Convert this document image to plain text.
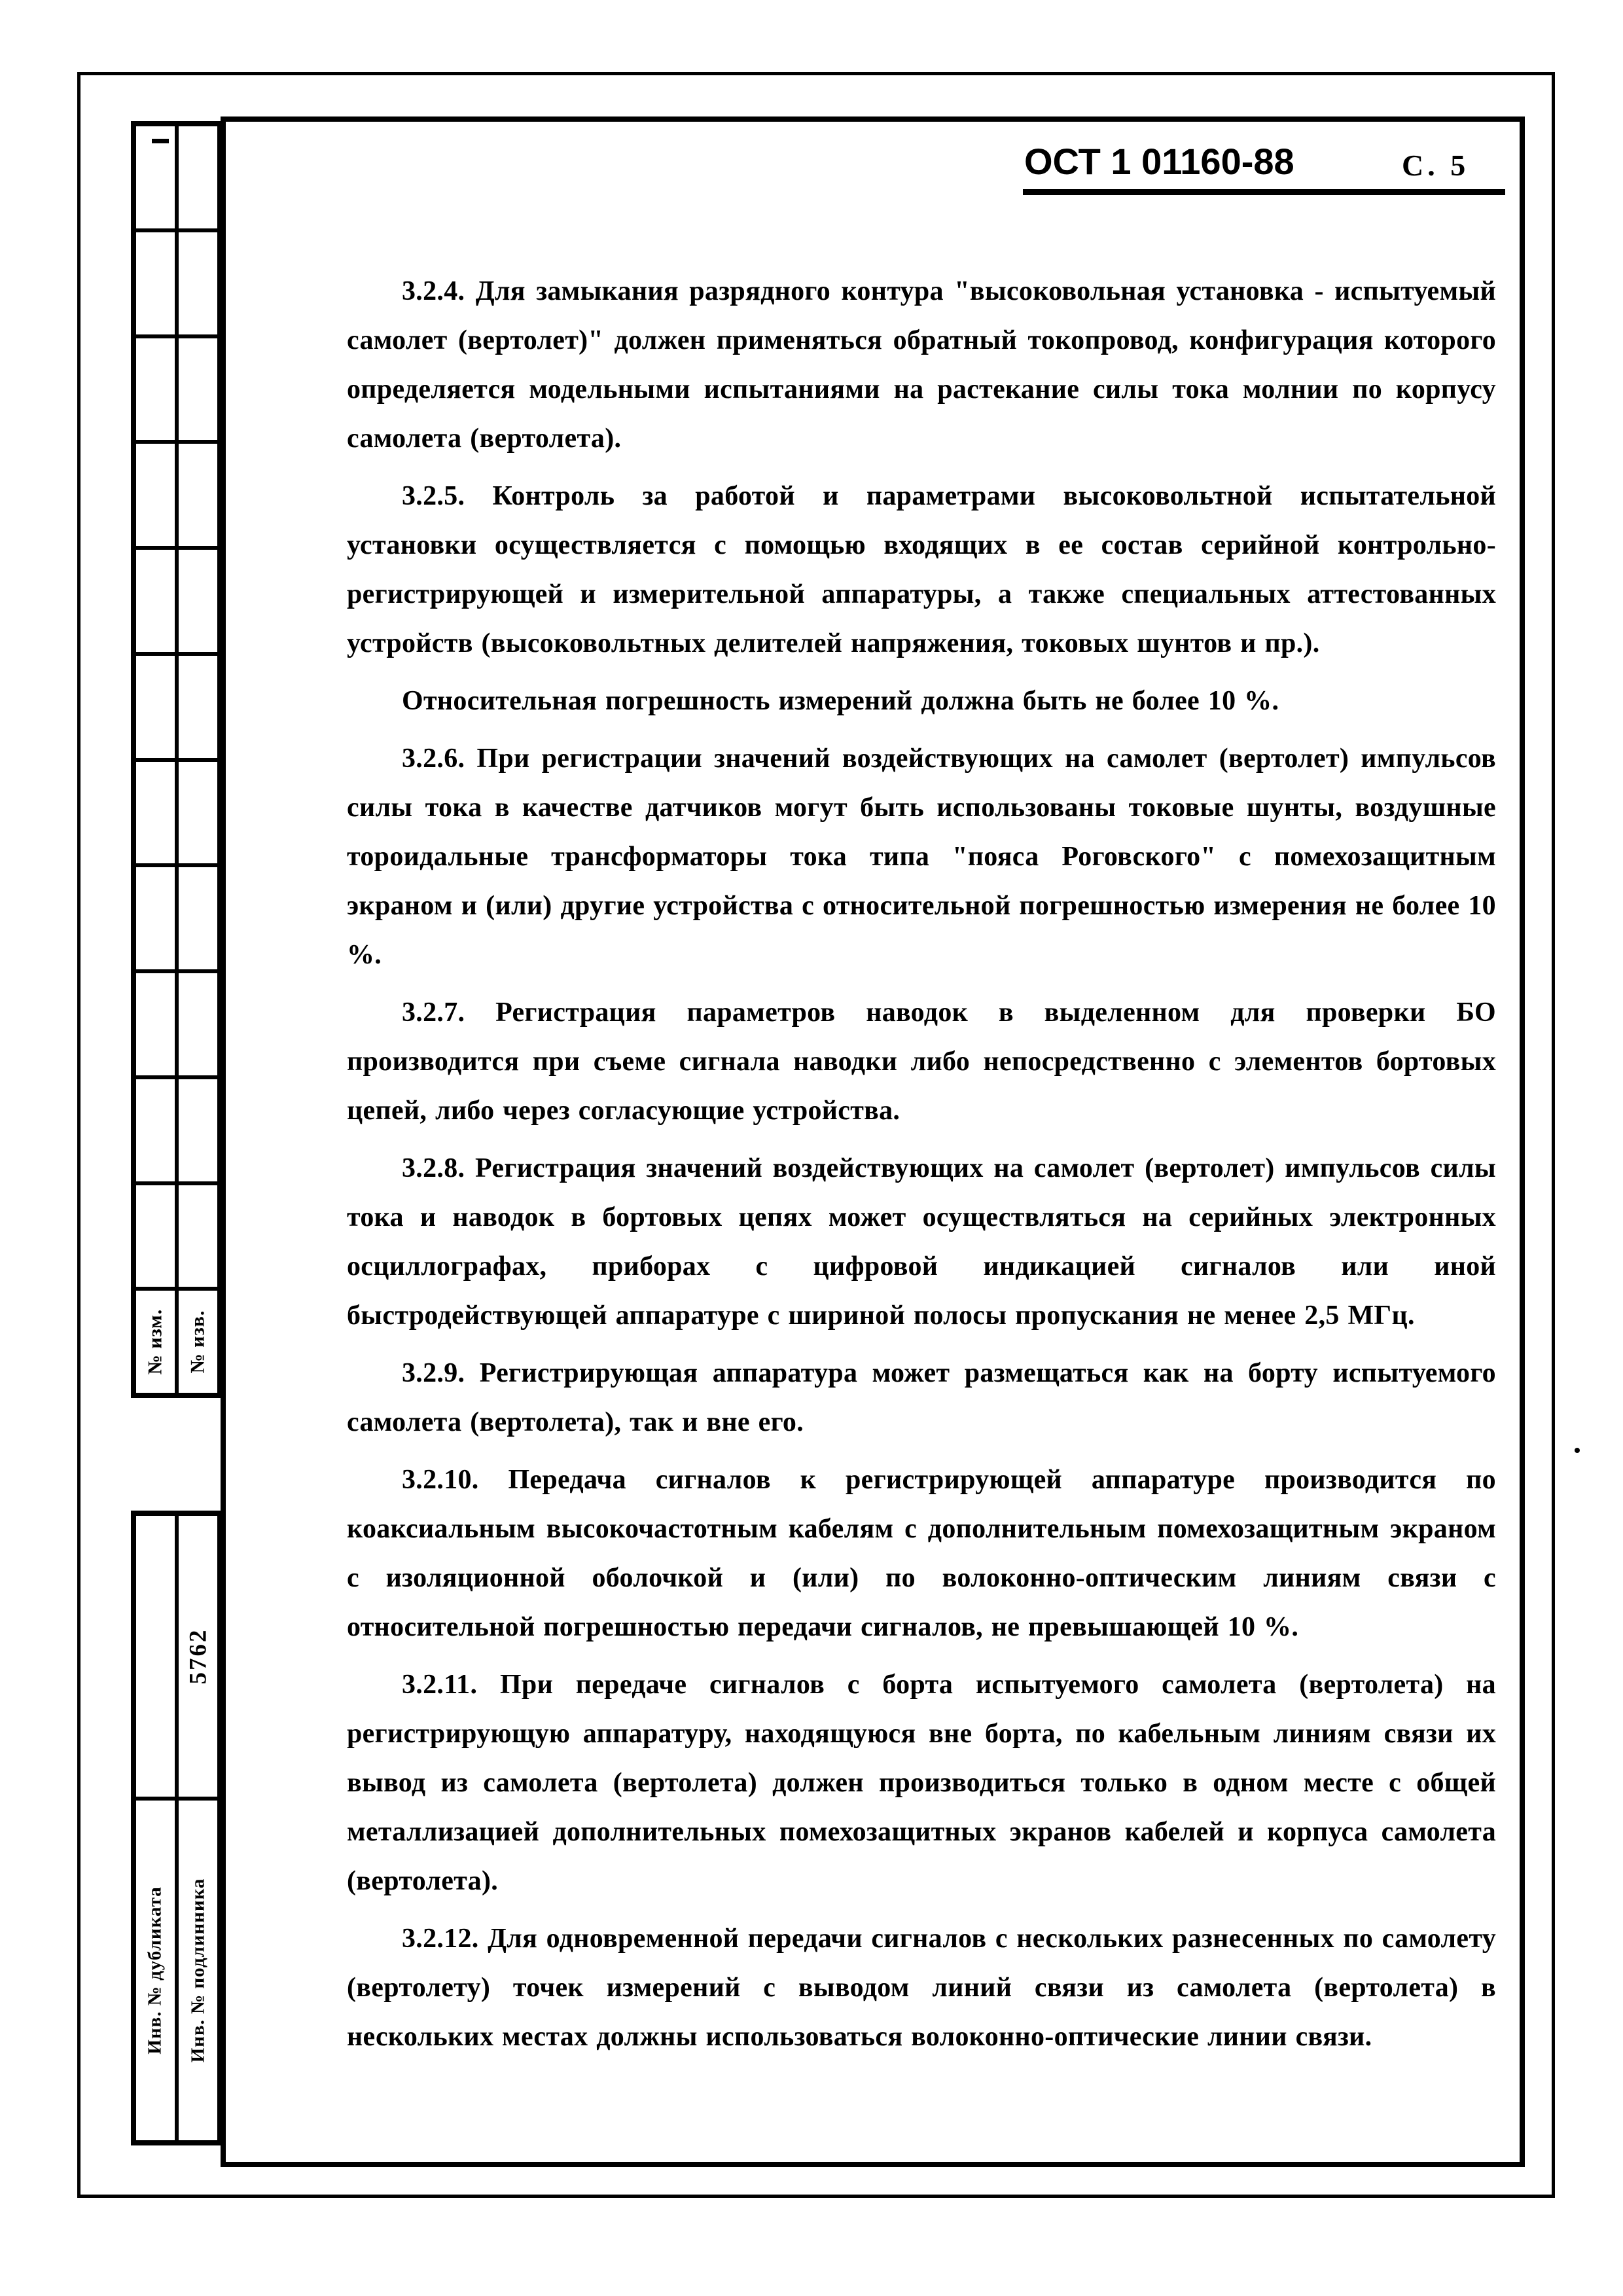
ОСТ 1 01160-88	С. 5
№ изм. № изв.
5762
Инв. № дубликата Инв. № подлинника
3.2.4. Для замыкания разрядного контура "высоковольная установка - испытуемый самолет (вертолет)" должен применяться обратный токопровод, конфигурация которого определяется модельными испытаниями на растекание силы тока молнии по корпусу самолета (вертолета).
3.2.5. Контроль за работой и параметрами высоковольтной испытательной установки осуществляется с помощью входящих в ее состав серийной контрольно-регистрирующей и измерительной аппаратуры, а также специальных аттестованных устройств (высоковольтных делителей напряжения, токовых шунтов и пр.).
Относительная погрешность измерений должна быть не более 10 %.
3.2.6. При регистрации значений воздействующих на самолет (вертолет) импульсов силы тока в качестве датчиков могут быть использованы токовые шунты, воздушные тороидальные трансформаторы тока типа "пояса Роговского" с помехозащитным экраном и (или) другие устройства с относительной погрешностью измерения не более 10 %.
3.2.7. Регистрация параметров наводок в выделенном для проверки БО производится при съеме сигнала наводки либо непосредственно с элементов бортовых цепей, либо через согласующие устройства.
3.2.8. Регистрация значений воздействующих на самолет (вертолет) импульсов силы тока и наводок в бортовых цепях может осуществляться на серийных электронных осциллографах, приборах с цифровой индикацией сигналов или иной быстродействующей аппаратуре с шириной полосы пропускания не менее 2,5 МГц.
3.2.9. Регистрирующая аппаратура может размещаться как на борту испытуемого самолета (вертолета), так и вне его.
3.2.10. Передача сигналов к регистрирующей аппаратуре производится по коаксиальным высокочастотным кабелям с дополнительным помехозащитным экраном с изоляционной оболочкой и (или) по волоконно-оптическим линиям связи с относительной погрешностью передачи сигналов, не превышающей 10 %.
3.2.11. При передаче сигналов с борта испытуемого самолета (вертолета) на регистрирующую аппаратуру, находящуюся вне борта, по кабельным линиям связи их вывод из самолета (вертолета) должен производиться только в одном месте с общей металлизацией дополнительных помехозащитных экранов кабелей и корпуса самолета (вертолета).
3.2.12. Для одновременной передачи сигналов с нескольких разнесенных по самолету (вертолету) точек измерений с выводом линий связи из самолета (вертолета) в нескольких местах должны использоваться волоконно-оптические линии связи.
